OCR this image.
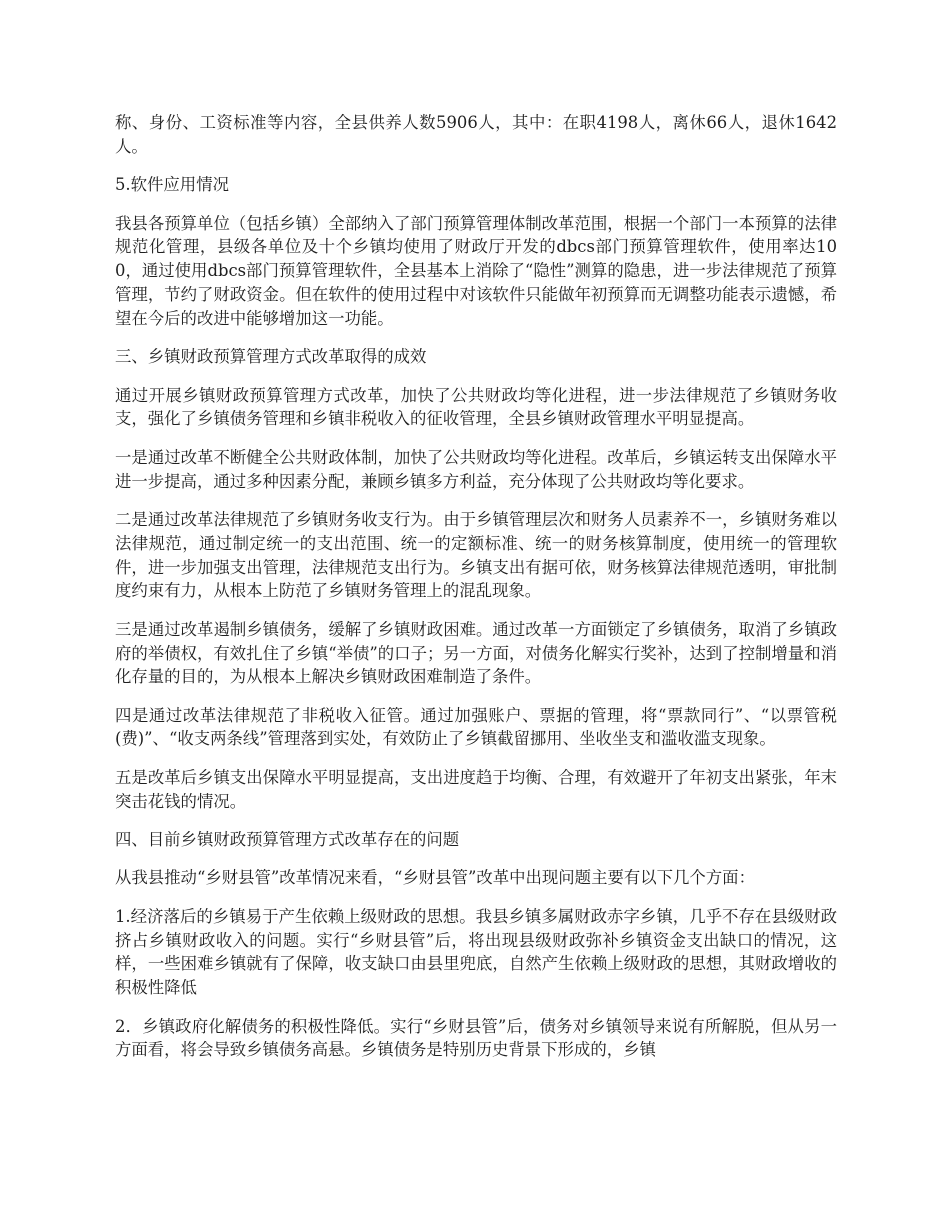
称、身份、工资标准等内容，全县供养人数5906人，其中：在职4198人，离休66人，退休1642人。

5.软件应用情况

我县各预算单位（包括乡镇）全部纳入了部门预算管理体制改革范围，根据一个部门一本预算的法律规范化管理，县级各单位及十个乡镇均使用了财政厅开发的dbcs部门预算管理软件，使用率达100，通过使用dbcs部门预算管理软件，全县基本上消除了“隐性”测算的隐患，进一步法律规范了预算管理，节约了财政资金。但在软件的使用过程中对该软件只能做年初预算而无调整功能表示遗憾，希望在今后的改进中能够增加这一功能。

三、乡镇财政预算管理方式改革取得的成效

通过开展乡镇财政预算管理方式改革，加快了公共财政均等化进程，进一步法律规范了乡镇财务收支，强化了乡镇债务管理和乡镇非税收入的征收管理，全县乡镇财政管理水平明显提高。

一是通过改革不断健全公共财政体制，加快了公共财政均等化进程。改革后，乡镇运转支出保障水平进一步提高，通过多种因素分配，兼顾乡镇多方利益，充分体现了公共财政均等化要求。

二是通过改革法律规范了乡镇财务收支行为。由于乡镇管理层次和财务人员素养不一，乡镇财务难以法律规范，通过制定统一的支出范围、统一的定额标准、统一的财务核算制度，使用统一的管理软件，进一步加强支出管理，法律规范支出行为。乡镇支出有据可依，财务核算法律规范透明，审批制度约束有力，从根本上防范了乡镇财务管理上的混乱现象。

三是通过改革遏制乡镇债务，缓解了乡镇财政困难。通过改革一方面锁定了乡镇债务，取消了乡镇政府的举债权，有效扎住了乡镇“举债”的口子；另一方面，对债务化解实行奖补，达到了控制增量和消化存量的目的，为从根本上解决乡镇财政困难制造了条件。

四是通过改革法律规范了非税收入征管。通过加强账户、票据的管理，将“票款同行”、“以票管税(费)”、“收支两条线”管理落到实处，有效防止了乡镇截留挪用、坐收坐支和滥收滥支现象。

五是改革后乡镇支出保障水平明显提高，支出进度趋于均衡、合理，有效避开了年初支出紧张，年末突击花钱的情况。

四、目前乡镇财政预算管理方式改革存在的问题

从我县推动“乡财县管”改革情况来看，“乡财县管”改革中出现问题主要有以下几个方面：

1.经济落后的乡镇易于产生依赖上级财政的思想。我县乡镇多属财政赤字乡镇，几乎不存在县级财政挤占乡镇财政收入的问题。实行“乡财县管”后，将出现县级财政弥补乡镇资金支出缺口的情况，这样，一些困难乡镇就有了保障，收支缺口由县里兜底，自然产生依赖上级财政的思想，其财政增收的积极性降低

2．乡镇政府化解债务的积极性降低。实行“乡财县管”后，债务对乡镇领导来说有所解脱，但从另一方面看，将会导致乡镇债务高悬。乡镇债务是特别历史背景下形成的，乡镇
